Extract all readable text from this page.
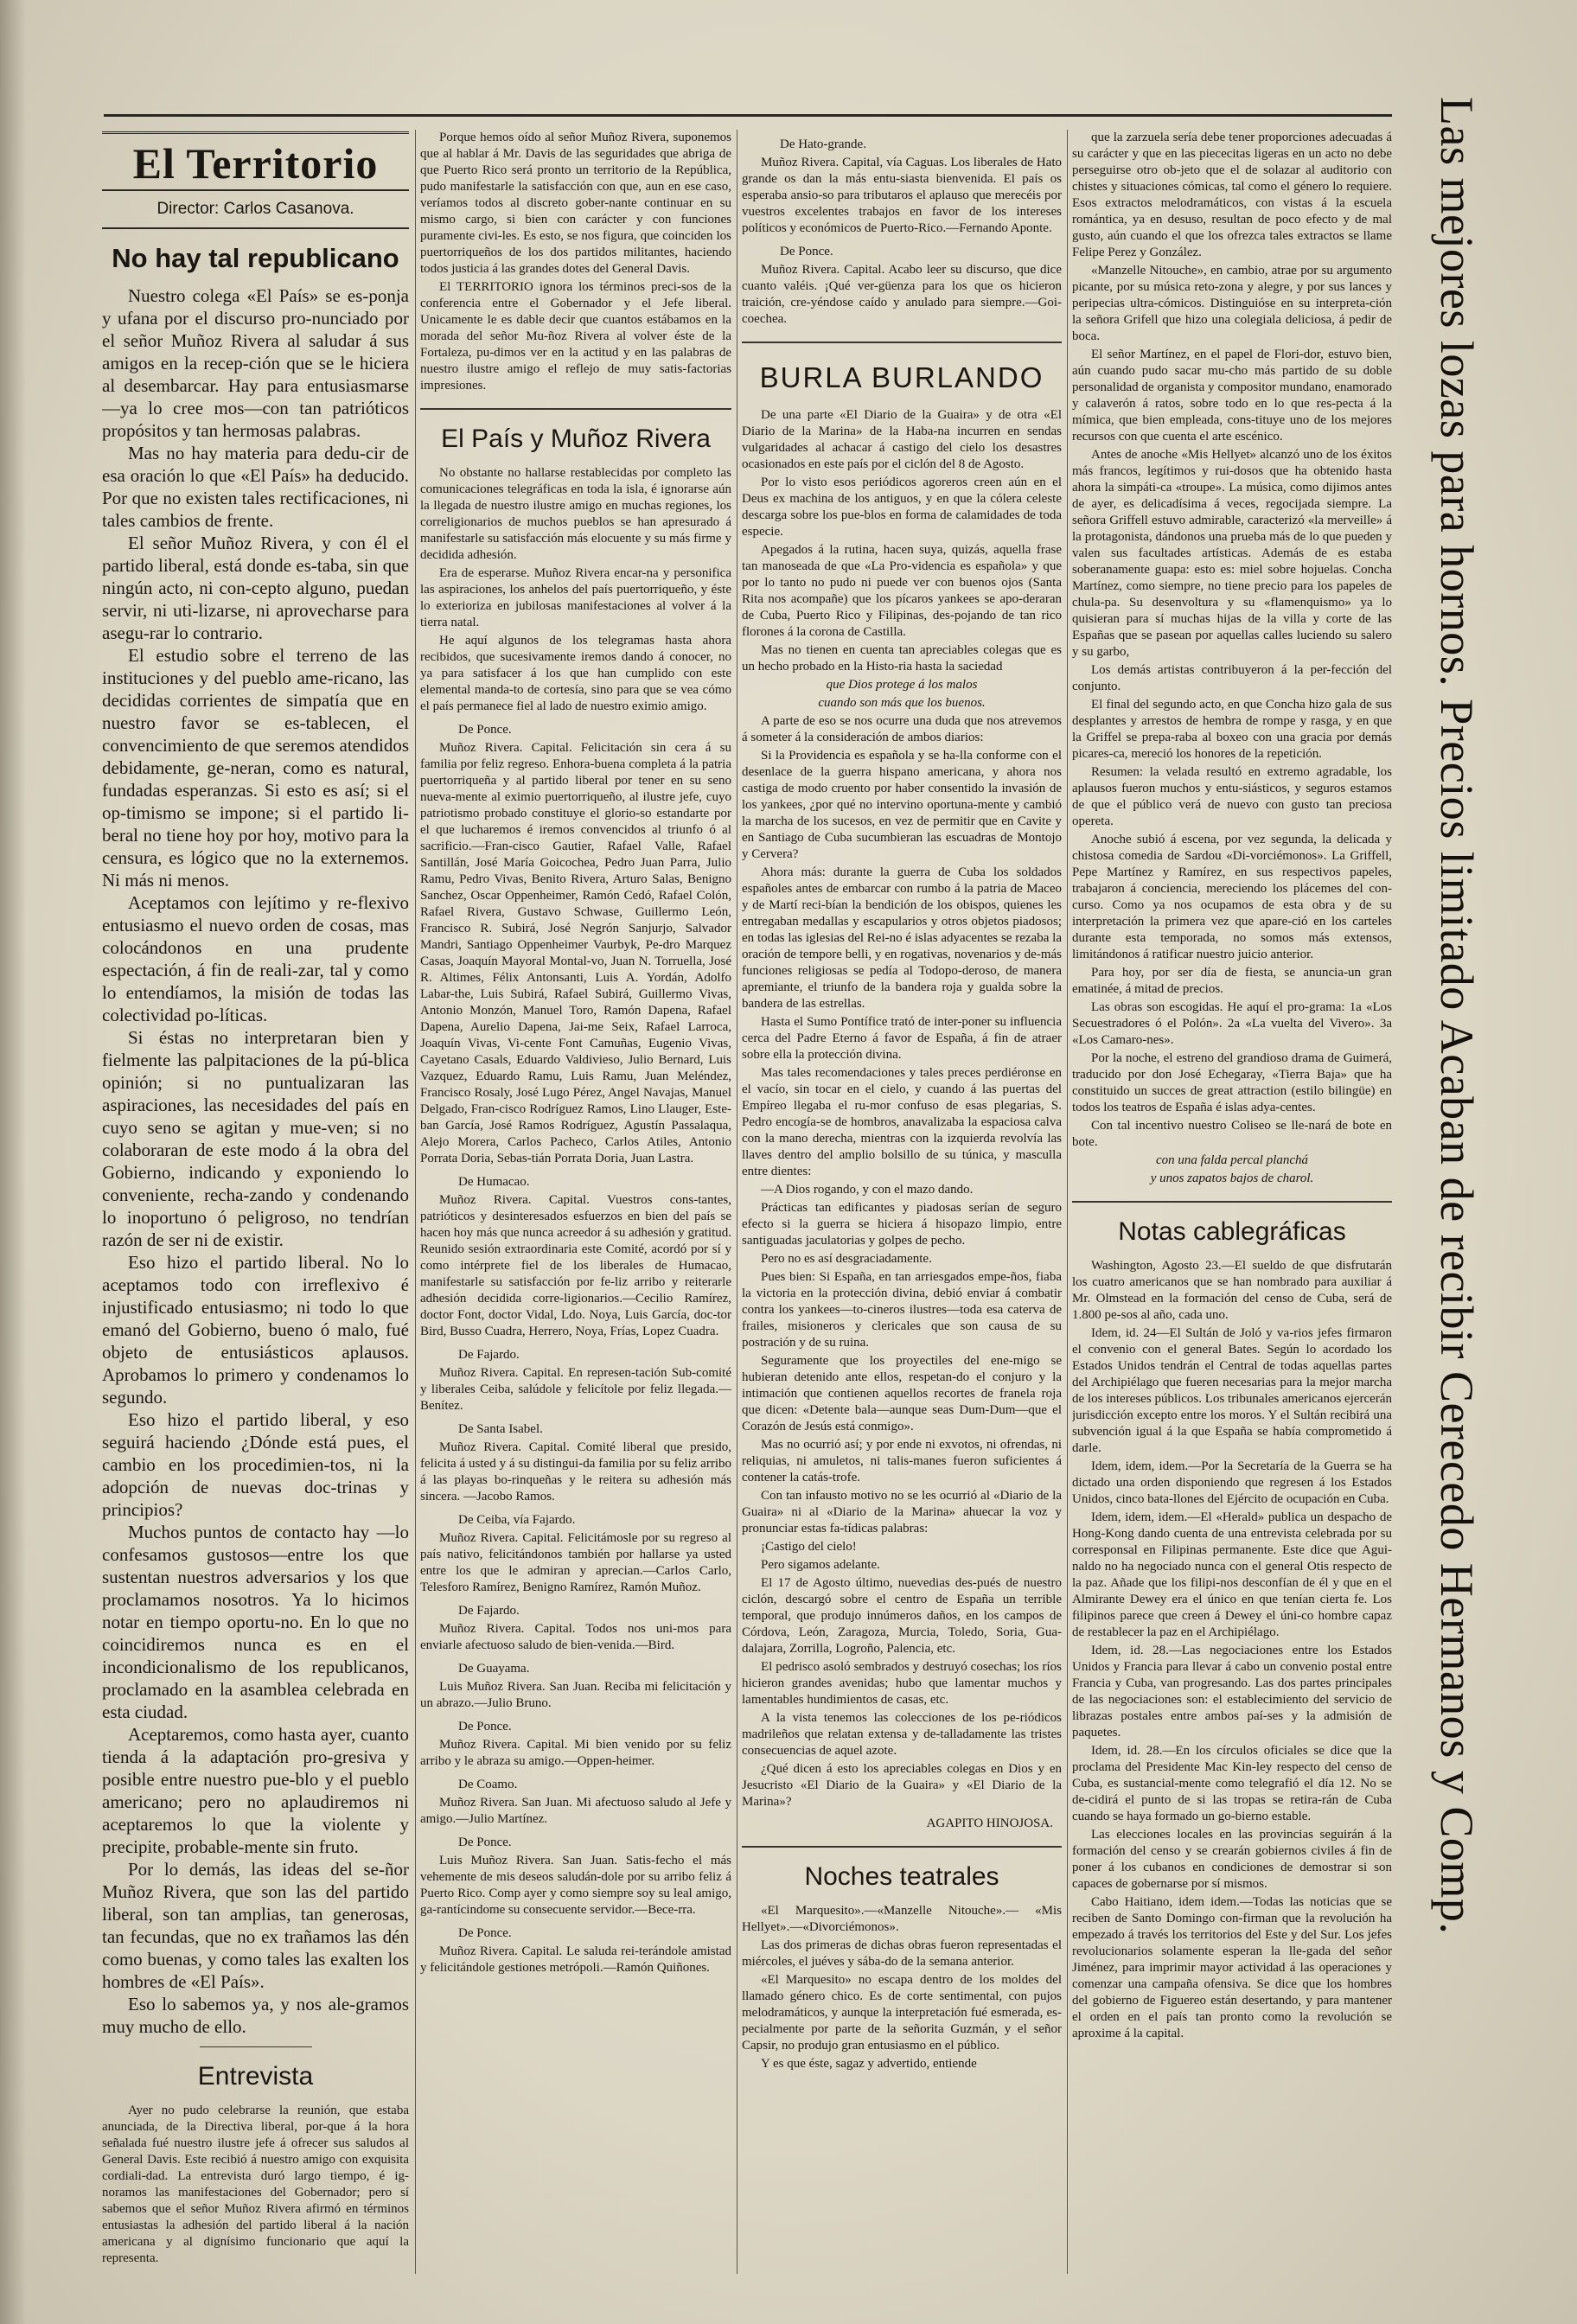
El Territorio
Director: Carlos Casanova.
No hay tal republicano

Nuestro colega «El País» se es-ponja y ufana por el discurso pro-nunciado por el señor Muñoz Rivera al saludar á sus amigos en la recep-ción que se le hiciera al desembarcar. Hay para entusiasmarse—ya lo cree mos—con tan patrióticos propósitos y tan hermosas palabras.

Mas no hay materia para dedu-cir de esa oración lo que «El País» ha deducido. Por que no existen tales rectificaciones, ni tales cambios de frente.

El señor Muñoz Rivera, y con él el partido liberal, está donde es-taba, sin que ningún acto, ni con-cepto alguno, puedan servir, ni uti-lizarse, ni aprovecharse para asegu-rar lo contrario.

El estudio sobre el terreno de las instituciones y del pueblo ame-ricano, las decididas corrientes de simpatía que en nuestro favor se es-tablecen, el convencimiento de que seremos atendidos debidamente, ge-neran, como es natural, fundadas esperanzas. Si esto es así; si el op-timismo se impone; si el partido li-beral no tiene hoy por hoy, motivo para la censura, es lógico que no la externemos. Ni más ni menos.

Aceptamos con lejítimo y re-flexivo entusiasmo el nuevo orden de cosas, mas colocándonos en una prudente espectación, á fin de reali-zar, tal y como lo entendíamos, la misión de todas las colectividad po-líticas.

Si éstas no interpretaran bien y fielmente las palpitaciones de la pú-blica opinión; si no puntualizaran las aspiraciones, las necesidades del país en cuyo seno se agitan y mue-ven; si no colaboraran de este modo á la obra del Gobierno, indicando y exponiendo lo conveniente, recha-zando y condenando lo inoportuno ó peligroso, no tendrían razón de ser ni de existir.

Eso hizo el partido liberal. No lo aceptamos todo con irreflexivo é injustificado entusiasmo; ni todo lo que emanó del Gobierno, bueno ó malo, fué objeto de entusiásticos aplausos. Aprobamos lo primero y condenamos lo segundo.

Eso hizo el partido liberal, y eso seguirá haciendo ¿Dónde está pues, el cambio en los procedimien-tos, ni la adopción de nuevas doc-trinas y principios?

Muchos puntos de contacto hay —lo confesamos gustosos—entre los que sustentan nuestros adversarios y los que proclamamos nosotros. Ya lo hicimos notar en tiempo oportu-no. En lo que no coincidiremos nunca es en el incondicionalismo de los republicanos, proclamado en la asamblea celebrada en esta ciudad.

Aceptaremos, como hasta ayer, cuanto tienda á la adaptación pro-gresiva y posible entre nuestro pue-blo y el pueblo americano; pero no aplaudiremos ni aceptaremos lo que la violente y precipite, probable-mente sin fruto.

Por lo demás, las ideas del se-ñor Muñoz Rivera, que son las del partido liberal, son tan amplias, tan generosas, tan fecundas, que no ex trañamos las dén como buenas, y como tales las exalten los hombres de «El País».

Eso lo sabemos ya, y nos ale-gramos muy mucho de ello.

Entrevista

Ayer no pudo celebrarse la reunión, que estaba anunciada, de la Directiva liberal, por-que á la hora señalada fué nuestro ilustre jefe á ofrecer sus saludos al General Davis. Este recibió á nuestro amigo con exquisita cordiali-dad. La entrevista duró largo tiempo, é ig-noramos las manifestaciones del Gobernador; pero sí sabemos que el señor Muñoz Rivera afirmó en términos entusiastas la adhesión del partido liberal á la nación americana y al dignísimo funcionario que aquí la representa.

Porque hemos oído al señor Muñoz Rivera, suponemos que al hablar á Mr. Davis de las seguridades que abriga de que Puerto Rico será pronto un territorio de la República, pudo manifestarle la satisfacción con que, aun en ese caso, veríamos todos al discreto gober-nante continuar en su mismo cargo, si bien con carácter y con funciones puramente civi-les. Es esto, se nos figura, que coinciden los puertorriqueños de los dos partidos militantes, haciendo todos justicia á las grandes dotes del General Davis.

El TERRITORIO ignora los términos preci-sos de la conferencia entre el Gobernador y el Jefe liberal. Unicamente le es dable decir que cuantos estábamos en la morada del señor Mu-ñoz Rivera al volver éste de la Fortaleza, pu-dimos ver en la actitud y en las palabras de nuestro ilustre amigo el reflejo de muy satis-factorias impresiones.

El País y Muñoz Rivera

No obstante no hallarse restablecidas por completo las comunicaciones telegráficas en toda la isla, é ignorarse aún la llegada de nuestro ilustre amigo en muchas regiones, los correligionarios de muchos pueblos se han apresurado á manifestarle su satisfacción más elocuente y su más firme y decidida adhesión.

Era de esperarse. Muñoz Rivera encar-na y personifica las aspiraciones, los anhelos del país puertorriqueño, y éste lo exterioriza en jubilosas manifestaciones al volver á la tierra natal.

He aquí algunos de los telegramas hasta ahora recibidos, que sucesivamente iremos dando á conocer, no ya para satisfacer á los que han cumplido con este elemental manda-to de cortesía, sino para que se vea cómo el país permanece fiel al lado de nuestro eximio amigo.

De Ponce.

Muñoz Rivera. Capital. Felicitación sin cera á su familia por feliz regreso. Enhora-buena completa á la patria puertorriqueña y al partido liberal por tener en su seno nueva-mente al eximio puertorriqueño, al ilustre jefe, cuyo patriotismo probado constituye el glorio-so estandarte por el que lucharemos é iremos convencidos al triunfo ó al sacrificio.—Fran-cisco Gautier, Rafael Valle, Rafael Santillán, José María Goicochea, Pedro Juan Parra, Julio Ramu, Pedro Vivas, Benito Rivera, Arturo Salas, Benigno Sanchez, Oscar Oppenheimer, Ramón Cedó, Rafael Colón, Rafael Rivera, Gustavo Schwase, Guillermo León, Francisco R. Subirá, José Negrón Sanjurjo, Salvador Mandri, Santiago Oppenheimer Vaurbyk, Pe-dro Marquez Casas, Joaquín Mayoral Montal-vo, Juan N. Torruella, José R. Altimes, Félix Antonsanti, Luis A. Yordán, Adolfo Labar-the, Luis Subirá, Rafael Subirá, Guillermo Vivas, Antonio Monzón, Manuel Toro, Ramón Dapena, Rafael Dapena, Aurelio Dapena, Jai-me Seix, Rafael Larroca, Joaquín Vivas, Vi-cente Font Camuñas, Eugenio Vivas, Cayetano Casals, Eduardo Valdivieso, Julio Bernard, Luis Vazquez, Eduardo Ramu, Luis Ramu, Juan Meléndez, Francisco Rosaly, José Lugo Pérez, Angel Navajas, Manuel Delgado, Fran-cisco Rodríguez Ramos, Lino Llauger, Este-ban García, José Ramos Rodríguez, Agustín Passalaqua, Alejo Morera, Carlos Pacheco, Carlos Atiles, Antonio Porrata Doria, Sebas-tián Porrata Doria, Juan Lastra.

De Humacao.

Muñoz Rivera. Capital. Vuestros cons-tantes, patrióticos y desinteresados esfuerzos en bien del país se hacen hoy más que nunca acreedor á su adhesión y gratitud. Reunido sesión extraordinaria este Comité, acordó por sí y como intérprete fiel de los liberales de Humacao, manifestarle su satisfacción por fe-liz arribo y reiterarle adhesión decidida corre-ligionarios.—Cecilio Ramírez, doctor Font, doctor Vidal, Ldo. Noya, Luis García, doc-tor Bird, Busso Cuadra, Herrero, Noya, Frías, Lopez Cuadra.

De Fajardo.

Muñoz Rivera. Capital. En represen-tación Sub-comité y liberales Ceiba, salúdole y felicítole por feliz llegada.—Benítez.

De Santa Isabel.

Muñoz Rivera. Capital. Comité liberal que presido, felicita á usted y á su distingui-da familia por su feliz arribo á las playas bo-rinqueñas y le reitera su adhesión más sincera. —Jacobo Ramos.

De Ceiba, vía Fajardo.

Muñoz Rivera. Capital. Felicitámosle por su regreso al país nativo, felicitándonos también por hallarse ya usted entre los que le admiran y aprecian.—Carlos Carlo, Telesforo Ramírez, Benigno Ramírez, Ramón Muñoz.

De Fajardo.

Muñoz Rivera. Capital. Todos nos uni-mos para enviarle afectuoso saludo de bien-venida.—Bird.

De Guayama.

Luis Muñoz Rivera. San Juan. Reciba mi felicitación y un abrazo.—Julio Bruno.

De Ponce.

Muñoz Rivera. Capital. Mi bien venido por su feliz arribo y le abraza su amigo.—Oppen-heimer.

De Coamo.

Muñoz Rivera. San Juan. Mi afectuoso saludo al Jefe y amigo.—Julio Martínez.

De Ponce.

Luis Muñoz Rivera. San Juan. Satis-fecho el más vehemente de mis deseos saludán-dole por su arribo feliz á Puerto Rico. Comp ayer y como siempre soy su leal amigo, ga-rantícindome su consecuente servidor.—Bece-rra.

De Ponce.

Muñoz Rivera. Capital. Le saluda rei-terándole amistad y felicitándole gestiones metrópoli.—Ramón Quiñones.

De Hato-grande.

Muñoz Rivera. Capital, vía Caguas. Los liberales de Hato grande os dan la más entu-siasta bienvenida. El país os esperaba ansio-so para tributaros el aplauso que merecéis por vuestros excelentes trabajos en favor de los intereses políticos y económicos de Puerto-Rico.—Fernando Aponte.

De Ponce.

Muñoz Rivera. Capital. Acabo leer su discurso, que dice cuanto valéis. ¡Qué ver-güenza para los que os hicieron traición, cre-yéndose caído y anulado para siempre.—Goi-coechea.

BURLA BURLANDO

De una parte «El Diario de la Guaira» y de otra «El Diario de la Marina» de la Haba-na incurren en sendas vulgaridades al achacar á castigo del cielo los desastres ocasionados en este país por el ciclón del 8 de Agosto.

Por lo visto esos periódicos agoreros creen aún en el Deus ex machina de los antiguos, y en que la cólera celeste descarga sobre los pue-blos en forma de calamidades de toda especie.

Apegados á la rutina, hacen suya, quizás, aquella frase tan manoseada de que «La Pro-videncia es española» y que por lo tanto no pudo ni puede ver con buenos ojos (Santa Rita nos acompañe) que los pícaros yankees se apo-deraran de Cuba, Puerto Rico y Filipinas, des-pojando de tan rico florones á la corona de Castilla.

Mas no tienen en cuenta tan apreciables colegas que es un hecho probado en la Histo-ria hasta la saciedad

que Dios protege á los malos

cuando son más que los buenos.

A parte de eso se nos ocurre una duda que nos atrevemos á someter á la consideración de ambos diarios:

Si la Providencia es española y se ha-lla conforme con el desenlace de la guerra hispano americana, y ahora nos castiga de modo cruento por haber consentido la invasión de los yankees, ¿por qué no intervino oportuna-mente y cambió la marcha de los sucesos, en vez de permitir que en Cavite y en Santiago de Cuba sucumbieran las escuadras de Montojo y Cervera?

Ahora más: durante la guerra de Cuba los soldados españoles antes de embarcar con rumbo á la patria de Maceo y de Martí reci-bían la bendición de los obispos, quienes les entregaban medallas y escapularios y otros objetos piadosos; en todas las iglesias del Rei-no é islas adyacentes se rezaba la oración de tempore belli, y en rogativas, novenarios y de-más funciones religiosas se pedía al Todopo-deroso, de manera apremiante, el triunfo de la bandera roja y gualda sobre la bandera de las estrellas.

Hasta el Sumo Pontífice trató de inter-poner su influencia cerca del Padre Eterno á favor de España, á fin de atraer sobre ella la protección divina.

Mas tales recomendaciones y tales preces perdiéronse en el vacío, sin tocar en el cielo, y cuando á las puertas del Empíreo llegaba el ru-mor confuso de esas plegarias, S. Pedro encogía-se de hombros, anavalizaba la espaciosa calva con la mano derecha, mientras con la izquierda revolvía las llaves dentro del amplio bolsillo de su túnica, y masculla entre dientes:

—A Dios rogando, y con el mazo dando.

Prácticas tan edificantes y piadosas serían de seguro efecto si la guerra se hiciera á hisopazo limpio, entre santiguadas jaculatorias y golpes de pecho.

Pero no es así desgraciadamente.

Pues bien: Si España, en tan arriesgados empe-ños, fiaba la victoria en la protección divina, debió enviar á combatir contra los yankees—to-cineros ilustres—toda esa caterva de frailes, misioneros y clericales que son causa de su postración y de su ruina.

Seguramente que los proyectiles del ene-migo se hubieran detenido ante ellos, respetan-do el conjuro y la intimación que contienen aquellos recortes de franela roja que dicen: «Detente bala—aunque seas Dum-Dum—que el Corazón de Jesús está conmigo».

Mas no ocurrió así; y por ende ni exvotos, ni ofrendas, ni reliquias, ni amuletos, ni talis-manes fueron suficientes á contener la catás-trofe.

Con tan infausto motivo no se les ocurrió al «Diario de la Guaira» ni al «Diario de la Marina» ahuecar la voz y pronunciar estas fa-tídicas palabras:

¡Castigo del cielo!

Pero sigamos adelante.

El 17 de Agosto último, nuevedias des-pués de nuestro ciclón, descargó sobre el centro de España un terrible temporal, que produjo innúmeros daños, en los campos de Córdova, León, Zaragoza, Murcia, Toledo, Soria, Gua-dalajara, Zorrilla, Logroño, Palencia, etc.

El pedrisco asoló sembrados y destruyó cosechas; los ríos hicieron grandes avenidas; hubo que lamentar muchos y lamentables hundimientos de casas, etc.

A la vista tenemos las colecciones de los pe-riódicos madrileños que relatan extensa y de-talladamente las tristes consecuencias de aquel azote.

¿Qué dicen á esto los apreciables colegas en Dios y en Jesucristo «El Diario de la Guaira» y «El Diario de la Marina»?

AGAPITO HINOJOSA.
Noches teatrales

«El Marquesito».—«Manzelle Nitouche».— «Mis Hellyet».—«Divorciémonos».

Las dos primeras de dichas obras fueron representadas el miércoles, el juéves y sába-do de la semana anterior.

«El Marquesito» no escapa dentro de los moldes del llamado género chico. Es de corte sentimental, con pujos melodramáticos, y aunque la interpretación fué esmerada, es-pecialmente por parte de la señorita Guzmán, y el señor Capsir, no produjo gran entusiasmo en el público.

Y es que éste, sagaz y advertido, entiende

que la zarzuela sería debe tener proporciones adecuadas á su carácter y que en las piececitas ligeras en un acto no debe perseguirse otro ob-jeto que el de solazar al auditorio con chistes y situaciones cómicas, tal como el género lo requiere. Esos extractos melodramáticos, con vistas á la escuela romántica, ya en desuso, resultan de poco efecto y de mal gusto, aún cuando el que los ofrezca tales extractos se llame Felipe Perez y González.

«Manzelle Nitouche», en cambio, atrae por su argumento picante, por su música reto-zona y alegre, y por sus lances y peripecias ultra-cómicos. Distinguióse en su interpreta-ción la señora Grifell que hizo una colegiala deliciosa, á pedir de boca.

El señor Martínez, en el papel de Flori-dor, estuvo bien, aún cuando pudo sacar mu-cho más partido de su doble personalidad de organista y compositor mundano, enamorado y calaverón á ratos, sobre todo en lo que res-pecta á la mímica, que bien empleada, cons-tituye uno de los mejores recursos con que cuenta el arte escénico.

Antes de anoche «Mis Hellyet» alcanzó uno de los éxitos más francos, legítimos y rui-dosos que ha obtenido hasta ahora la simpáti-ca «troupe». La música, como dijimos antes de ayer, es delicadísima á veces, regocijada siempre. La señora Griffell estuvo admirable, caracterizó «la merveille» á la protagonista, dándonos una prueba más de lo que pueden y valen sus facultades artísticas. Además de es estaba soberanamente guapa: esto es: miel sobre hojuelas. Concha Martínez, como siempre, no tiene precio para los papeles de chula-pa. Su desenvoltura y su «flamenquismo» ya lo quisieran para sí muchas hijas de la villa y corte de las Españas que se pasean por aquellas calles luciendo su salero y su garbo,

Los demás artistas contribuyeron á la per-fección del conjunto.

El final del segundo acto, en que Concha hizo gala de sus desplantes y arrestos de hembra de rompe y rasga, y en que la Griffel se prepa-raba al boxeo con una gracia por demás picares-ca, mereció los honores de la repetición.

Resumen: la velada resultó en extremo agradable, los aplausos fueron muchos y entu-siásticos, y seguros estamos de que el público verá de nuevo con gusto tan preciosa opereta.

Anoche subió á escena, por vez segunda, la delicada y chistosa comedia de Sardou «Di-vorciémonos». La Griffell, Pepe Martínez y Ramírez, en sus respectivos papeles, trabajaron á conciencia, mereciendo los plácemes del con-curso. Como ya nos ocupamos de esta obra y de su interpretación la primera vez que apare-ció en los carteles durante esta temporada, no somos más extensos, limitándonos á ratificar nuestro juicio anterior.

Para hoy, por ser día de fiesta, se anuncia-un gran ematinée, á mitad de precios.

Las obras son escogidas. He aquí el pro-grama: 1a «Los Secuestradores ó el Polón». 2a «La vuelta del Vivero». 3a «Los Camaro-nes».

Por la noche, el estreno del grandioso drama de Guimerá, traducido por don José Echegaray, «Tierra Baja» que ha constituido un succes de great attraction (estilo bilingüe) en todos los teatros de España é islas adya-centes.

Con tal incentivo nuestro Coliseo se lle-nará de bote en bote.

con una falda percal planchá

y unos zapatos bajos de charol.

Notas cablegráficas

Washington, Agosto 23.—El sueldo de que disfrutarán los cuatro americanos que se han nombrado para auxiliar á Mr. Olmstead en la formación del censo de Cuba, será de 1.800 pe-sos al año, cada uno.

Idem, id. 24—El Sultán de Joló y va-rios jefes firmaron el convenio con el general Bates. Según lo acordado los Estados Unidos tendrán el Central de todas aquellas partes del Archipiélago que fueren necesarias para la mejor marcha de los intereses públicos. Los tribunales americanos ejercerán jurisdicción excepto entre los moros. Y el Sultán recibirá una subvención igual á la que España se había comprometido á darle.

Idem, idem, idem.—Por la Secretaría de la Guerra se ha dictado una orden disponiendo que regresen á los Estados Unidos, cinco bata-llones del Ejército de ocupación en Cuba.

Idem, idem, idem.—El «Herald» publica un despacho de Hong-Kong dando cuenta de una entrevista celebrada por su corresponsal en Filipinas permanente. Este dice que Agui-naldo no ha negociado nunca con el general Otis respecto de la paz. Añade que los filipi-nos desconfían de él y que en el Almirante Dewey era el único en que tenían cierta fe. Los filipinos parece que creen á Dewey el úni-co hombre capaz de restablecer la paz en el Archipiélago.

Idem, id. 28.—Las negociaciones entre los Estados Unidos y Francia para llevar á cabo un convenio postal entre Francia y Cuba, van progresando. Las dos partes principales de las negociaciones son: el establecimiento del servicio de librazas postales entre ambos paí-ses y la admisión de paquetes.

Idem, id. 28.—En los círculos oficiales se dice que la proclama del Presidente Mac Kin-ley respecto del censo de Cuba, es sustancial-mente como telegrafió el día 12. No se de-cidirá el punto de si las tropas se retira-rán de Cuba cuando se haya formado un go-bierno estable.

Las elecciones locales en las provincias seguirán á la formación del censo y se crearán gobiernos civiles á fin de poner á los cubanos en condiciones de demostrar si son capaces de gobernarse por sí mismos.

Cabo Haitiano, idem idem.—Todas las noticias que se reciben de Santo Domingo con-firman que la revolución ha empezado á través los territorios del Este y del Sur. Los jefes revolucionarios solamente esperan la lle-gada del señor Jiménez, para imprimir mayor actividad á las operaciones y comenzar una campaña ofensiva. Se dice que los hombres del gobierno de Figuereo están desertando, y para mantener el orden en el país tan pronto como la revolución se aproxime á la capital.

Las mejores lozas para hornos. Precios limitado Acaban de recibir Cerecedo Hermanos y Comp.
